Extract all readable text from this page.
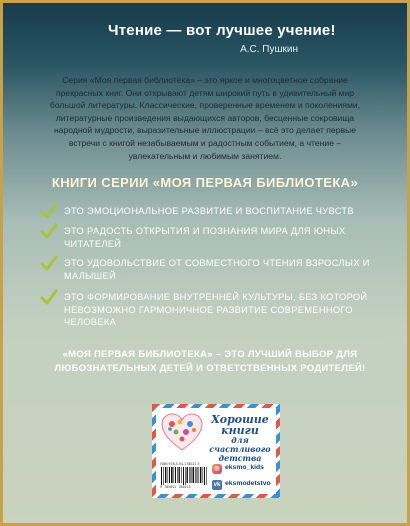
Чтение — вот лучшее учение!
А.С. Пушкин
Серия «Моя первая библиотека» – это яркое и многоцветное собрание прекрасных книг. Они открывают детям широкий путь в удивительный мир большой литературы. Классические, проверенные временем и поколениями, литературные произведения выдающихся авторов, бесценные сокровища народной мудрости, выразительные иллюстрации – всё это делает первые встречи с книгой незабываемым и радостным событием, а чтение – увлекательным и любимым занятием.
КНИГИ СЕРИИ «МОЯ ПЕРВАЯ БИБЛИОТЕКА»
ЭТО ЭМОЦИОНАЛЬНОЕ РАЗВИТИЕ И ВОСПИТАНИЕ ЧУВСТВ
ЭТО РАДОСТЬ ОТКРЫТИЯ И ПОЗНАНИЯ МИРА ДЛЯ ЮНЫХ ЧИТАТЕЛЕЙ
ЭТО УДОВОЛЬСТВИЕ ОТ СОВМЕСТНОГО ЧТЕНИЯ ВЗРОСЛЫХ И МАЛЫШЕЙ
ЭТО ФОРМИРОВАНИЕ ВНУТРЕННЕЙ КУЛЬТУРЫ, БЕЗ КОТОРОЙ НЕВОЗМОЖНО ГАРМОНИЧНОЕ РАЗВИТИЕ СОВРЕМЕННОГО ЧЕЛОВЕКА
«МОЯ ПЕРВАЯ БИБЛИОТЕКА» – ЭТО ЛУЧШИЙ ВЫБОР ДЛЯ ЛЮБОЗНАТЕЛЬНЫХ ДЕТЕЙ И ОТВЕТСТВЕННЫХ РОДИТЕЛЕЙ!
Хорошие
книги
для счастливого
детства
ISBN 978-5-04-178021-5
9 785041 780215
◎ eksmo_kids
vk eksmodetstvo
